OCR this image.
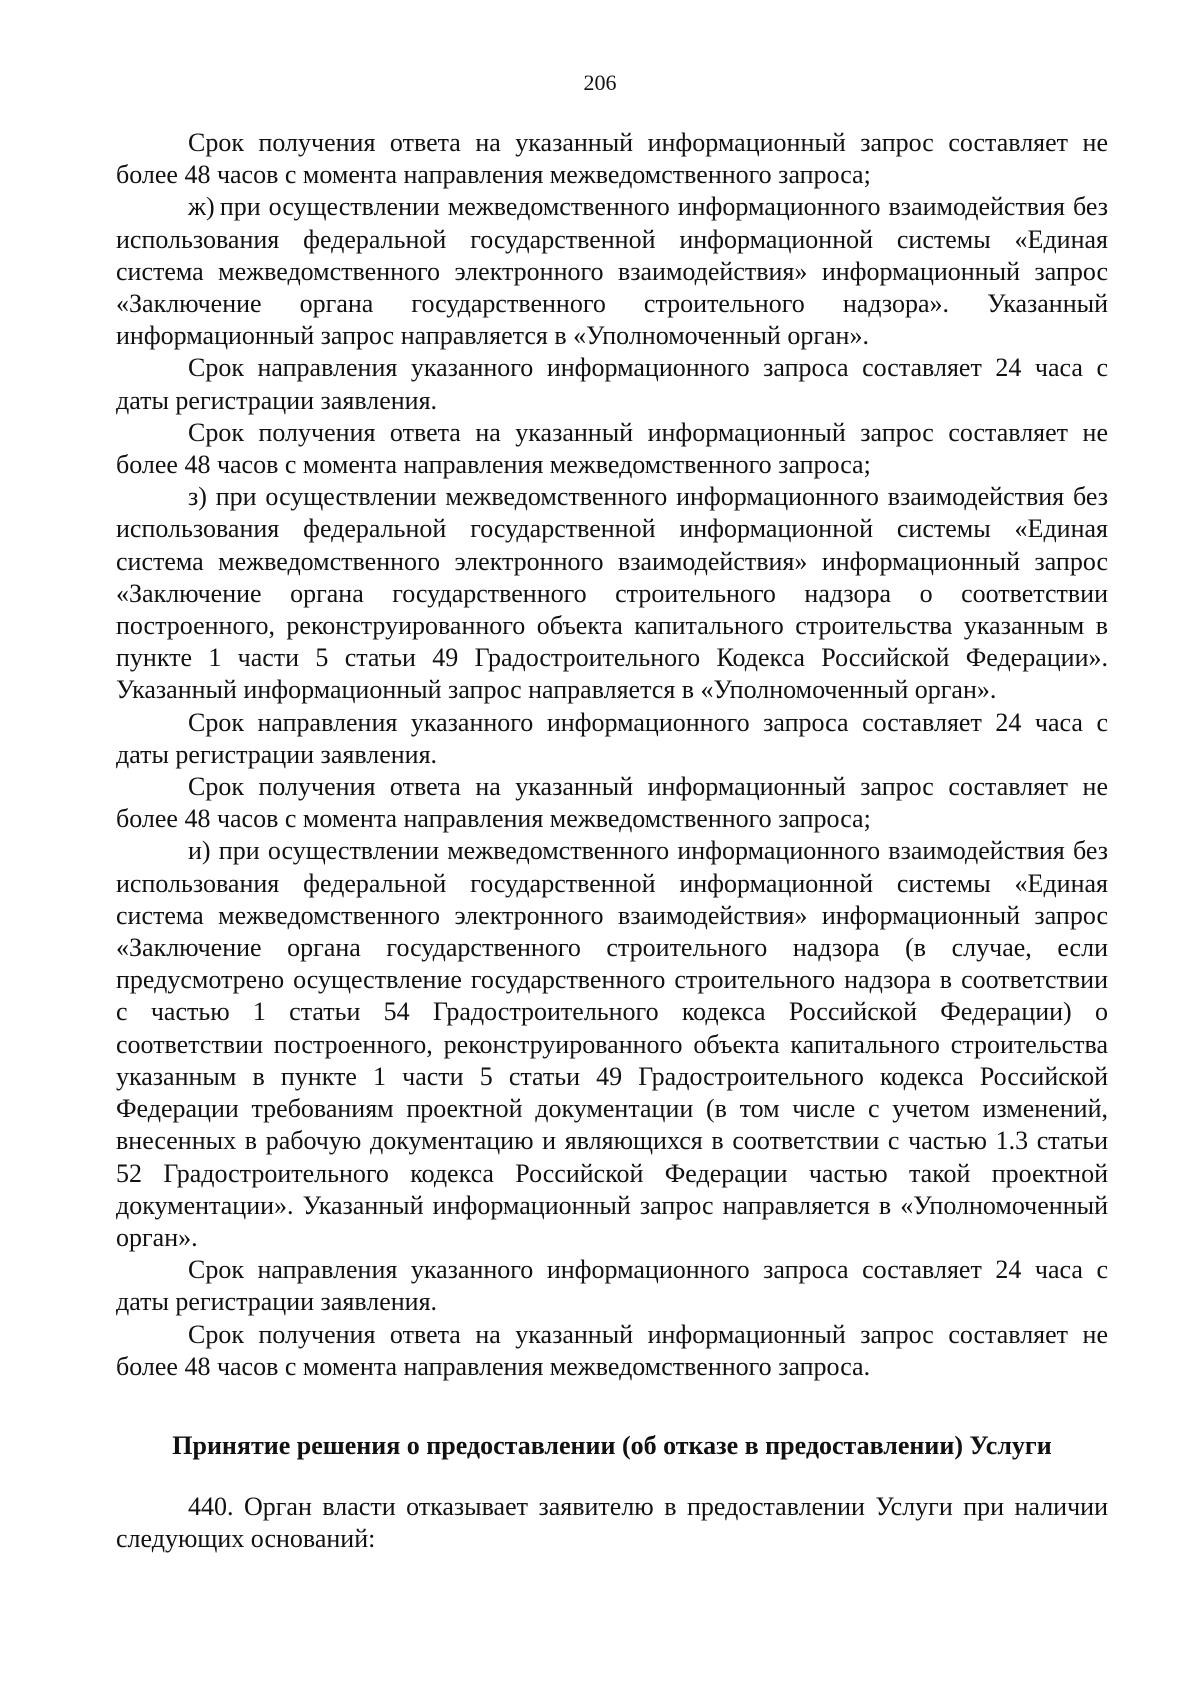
206

Срок получения ответа на указанный информационный запрос составляет не более 48 часов с момента направления межведомственного запроса;

ж) при осуществлении межведомственного информационного взаимодействия без использования федеральной государственной информационной системы «Единая система межведомственного электронного взаимодействия» информационный запрос «Заключение органа государственного строительного надзора». Указанный информационный запрос направляется в «Уполномоченный орган».

Срок направления указанного информационного запроса составляет 24 часа с даты регистрации заявления.

Срок получения ответа на указанный информационный запрос составляет не более 48 часов с момента направления межведомственного запроса;

з) при осуществлении межведомственного информационного взаимодействия без использования федеральной государственной информационной системы «Единая система межведомственного электронного взаимодействия» информационный запрос «Заключение органа государственного строительного надзора о соответствии построенного, реконструированного объекта капитального строительства указанным в пункте 1 части 5 статьи 49 Градостроительного Кодекса Российской Федерации». Указанный информационный запрос направляется в «Уполномоченный орган».

Срок направления указанного информационного запроса составляет 24 часа с даты регистрации заявления.

Срок получения ответа на указанный информационный запрос составляет не более 48 часов с момента направления межведомственного запроса;

и) при осуществлении межведомственного информационного взаимодействия без использования федеральной государственной информационной системы «Единая система межведомственного электронного взаимодействия» информационный запрос «Заключение органа государственного строительного надзора (в случае, если предусмотрено осуществление государственного строительного надзора в соответствии с частью 1 статьи 54 Градостроительного кодекса Российской Федерации) о соответствии построенного, реконструированного объекта капитального строительства указанным в пункте 1 части 5 статьи 49 Градостроительного кодекса Российской Федерации требованиям проектной документации (в том числе с учетом изменений, внесенных в рабочую документацию и являющихся в соответствии с частью 1.3 статьи 52 Градостроительного кодекса Российской Федерации частью такой проектной документации». Указанный информационный запрос направляется в «Уполномоченный орган».

Срок направления указанного информационного запроса составляет 24 часа с даты регистрации заявления.

Срок получения ответа на указанный информационный запрос составляет не более 48 часов с момента направления межведомственного запроса.

Принятие решения о предоставлении (об отказе в предоставлении) Услуги

440. Орган власти отказывает заявителю в предоставлении Услуги при наличии следующих оснований:
